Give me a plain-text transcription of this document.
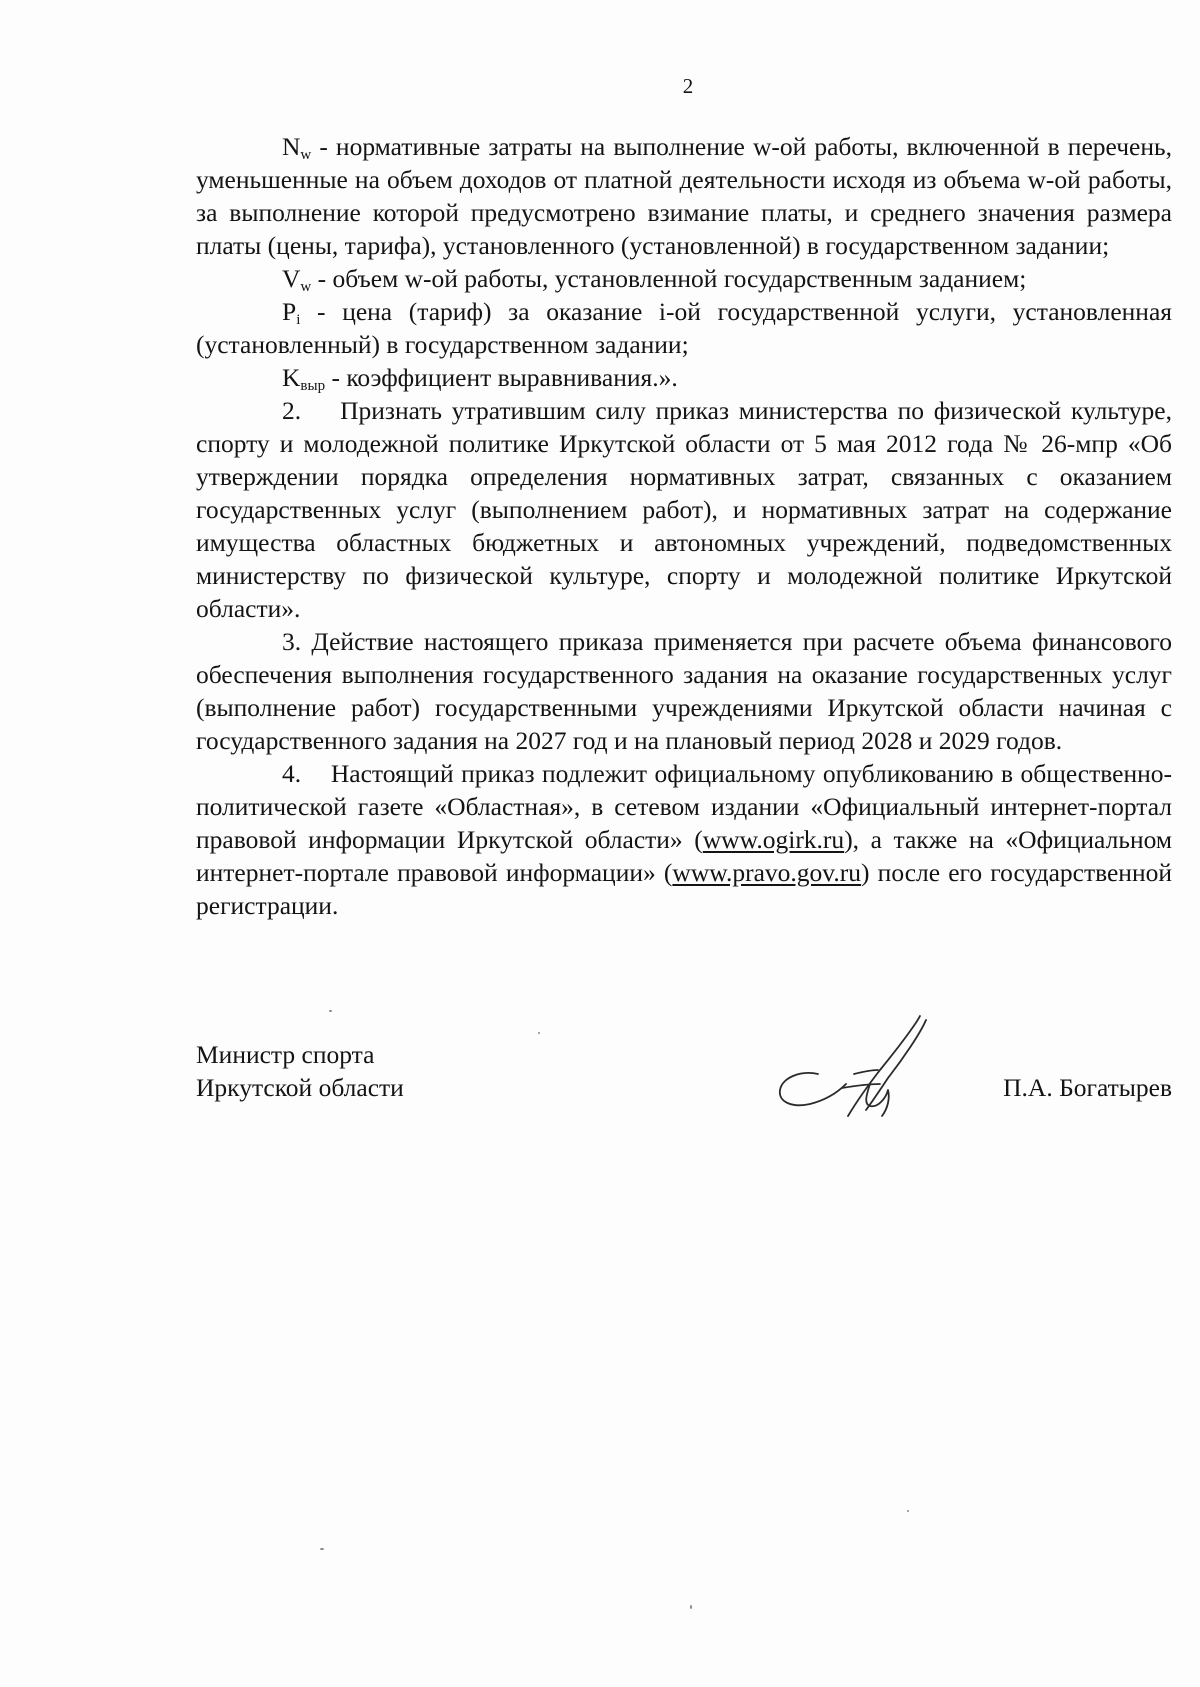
2

$N_w$ - нормативные затраты на выполнение w-ой работы, включенной в перечень, уменьшенные на объем доходов от платной деятельности исходя из объема w-ой работы, за выполнение которой предусмотрено взимание платы, и среднего значения размера платы (цены, тарифа), установленного (установленной) в государственном задании;

$V_w$ - объем w-ой работы, установленной государственным заданием;

$P_i$ - цена (тариф) за оказание i-ой государственной услуги, установленная (установленный) в государственном задании;

$K_{выр}$ - коэффициент выравнивания.».

2.    Признать утратившим силу приказ министерства по физической культуре, спорту и молодежной политике Иркутской области от 5 мая 2012 года № 26-мпр «Об утверждении порядка определения нормативных затрат, связанных с оказанием государственных услуг (выполнением работ), и нормативных затрат на содержание имущества областных бюджетных и автономных учреждений, подведомственных министерству по физической культуре, спорту и молодежной политике Иркутской области».

3. Действие настоящего приказа применяется при расчете объема финансового обеспечения выполнения государственного задания на оказание государственных услуг (выполнение работ) государственными учреждениями Иркутской области начиная с государственного задания на 2027 год и на плановый период 2028 и 2029 годов.

4.    Настоящий приказ подлежит официальному опубликованию в общественно-политической газете «Областная», в сетевом издании «Официальный интернет-портал правовой информации Иркутской области» (www.ogirk.ru), а также на «Официальном интернет-портале правовой информации» (www.pravo.gov.ru) после его государственной регистрации.

Министр спорта
Иркутской области	П.А. Богатырев
